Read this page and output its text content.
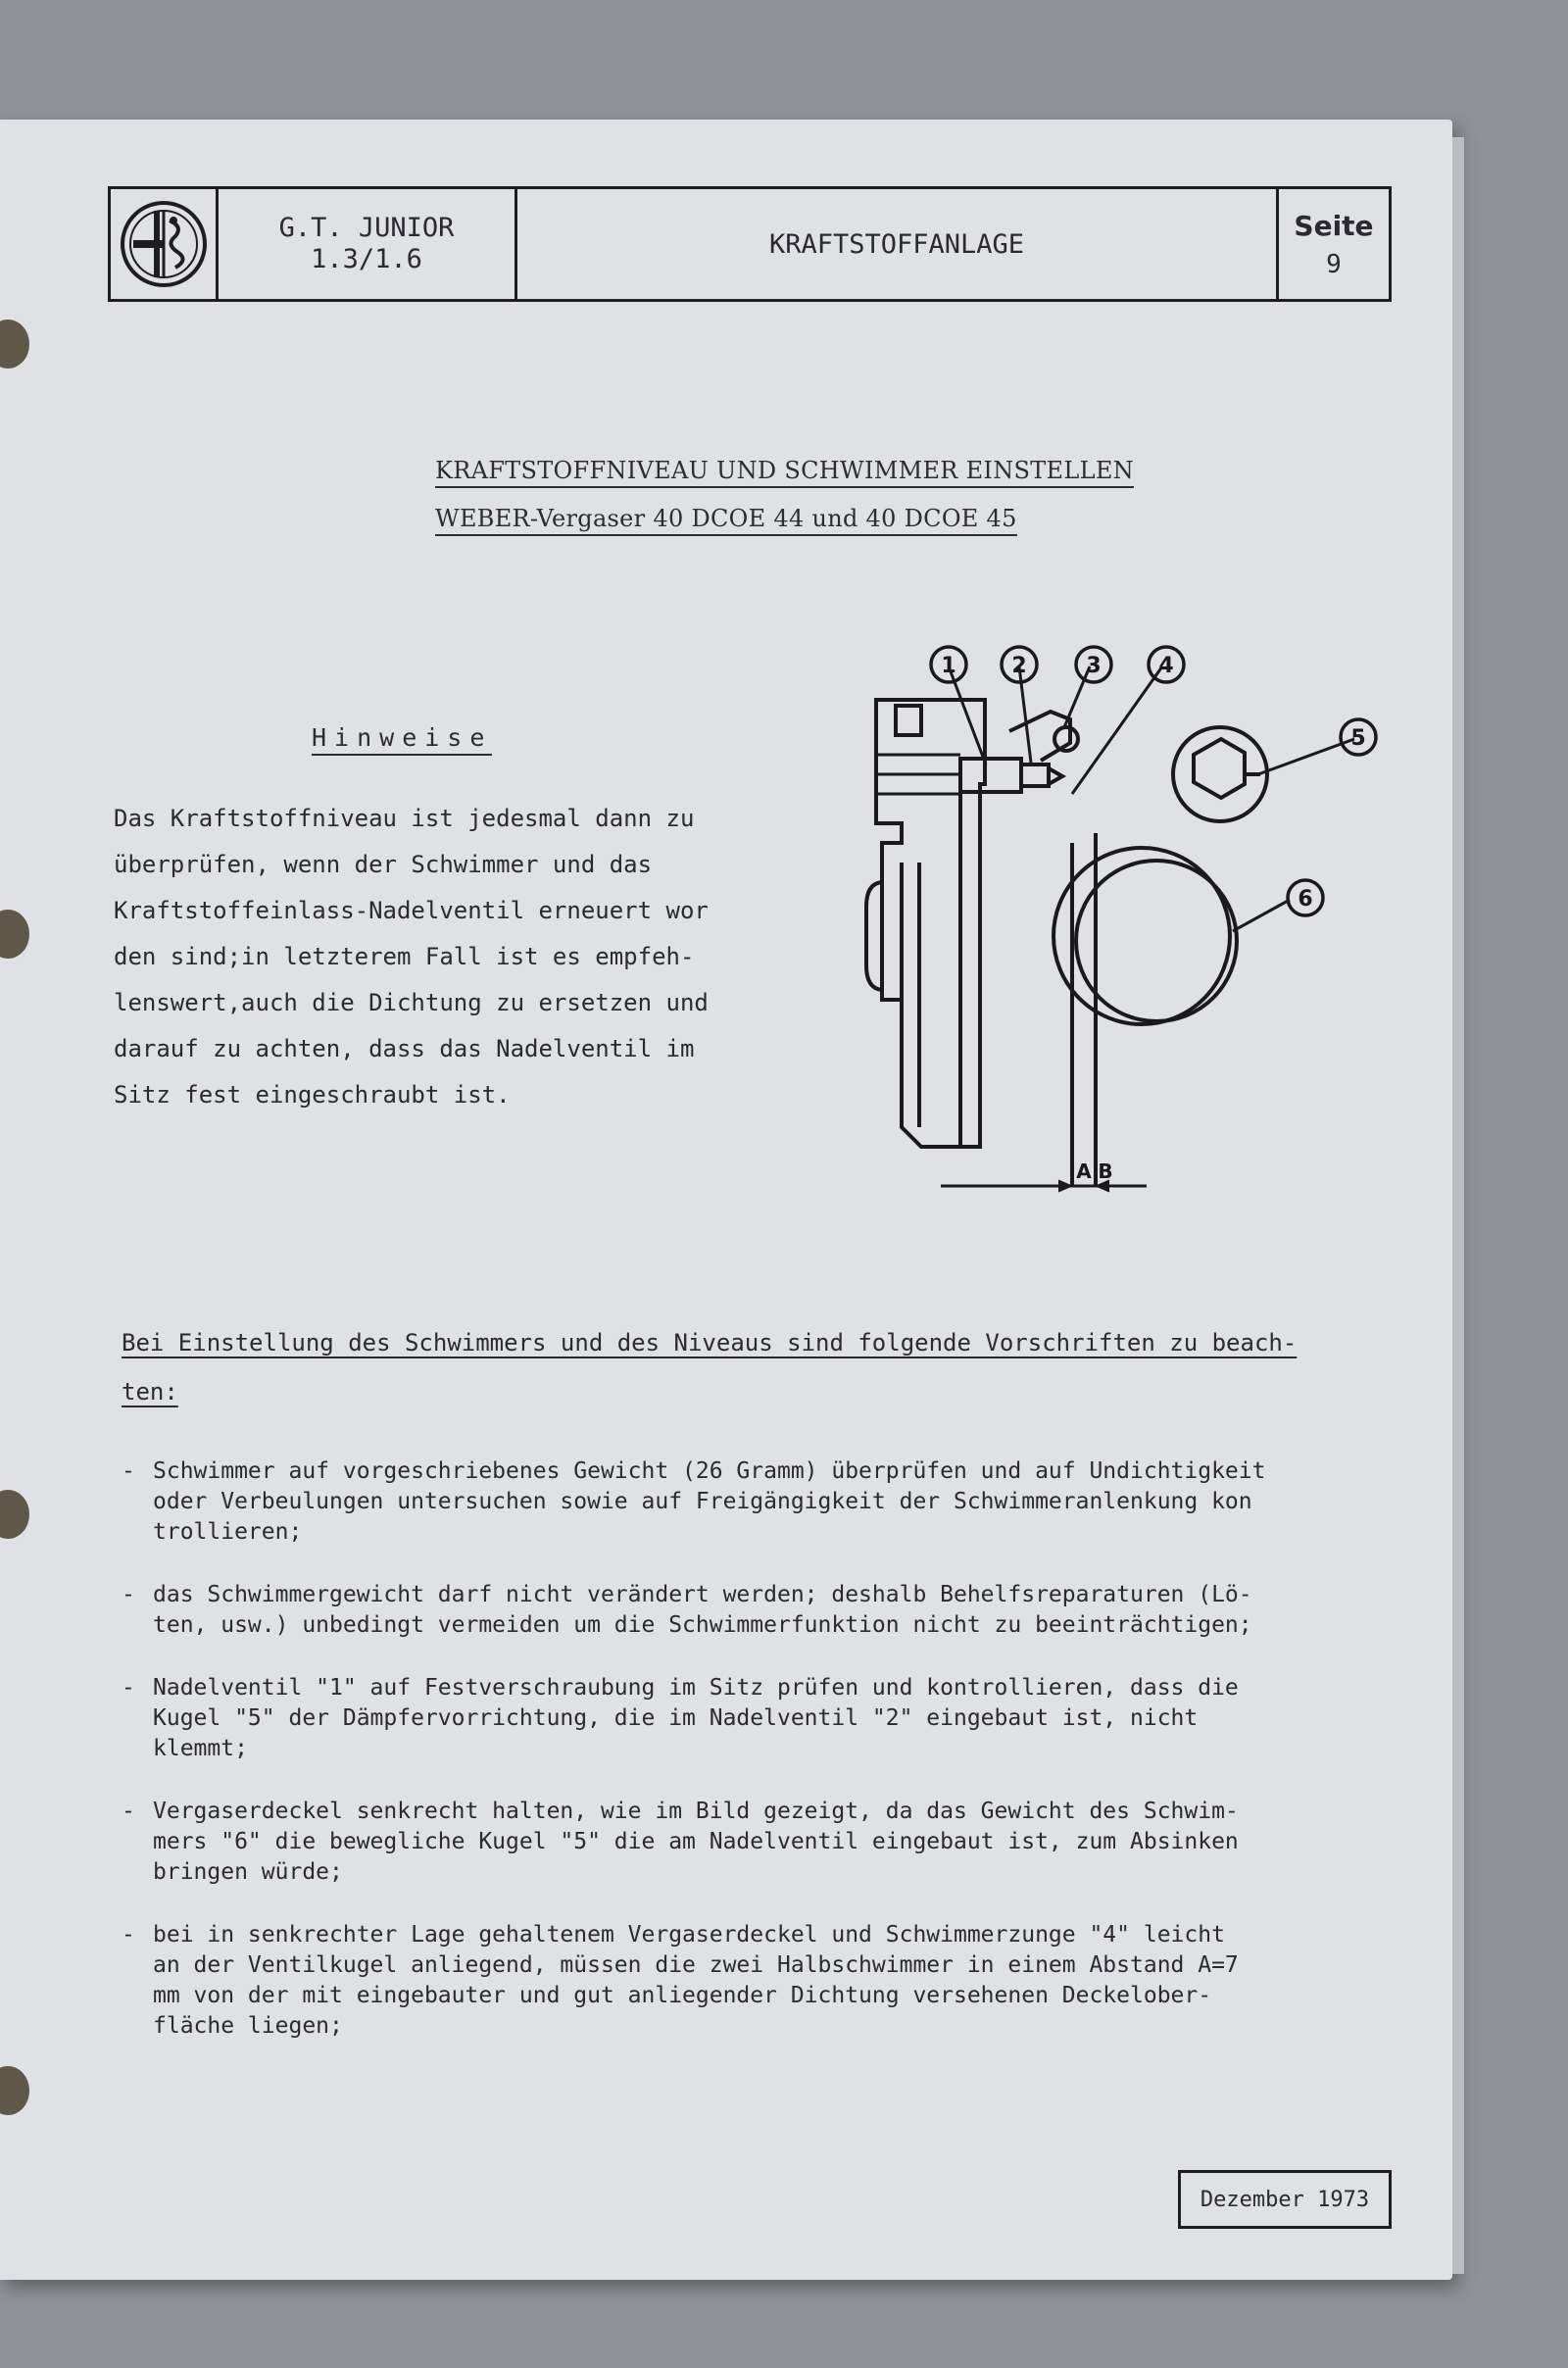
G.T. JUNIOR
1.3/1.6	KRAFTSTOFFANLAGE
Seite
9
KRAFTSTOFFNIVEAU UND SCHWIMMER EINSTELLEN
WEBER-Vergaser 40 DCOE 44 und 40 DCOE 45
Hinweise
Das Kraftstoffniveau ist jedesmal dann zu
überprüfen, wenn der Schwimmer und das
Kraftstoffeinlass-Nadelventil erneuert wor
den sind;in letzterem Fall ist es empfeh-
lenswert,auch die Dichtung zu ersetzen und
darauf zu achten, dass das Nadelventil im
Sitz fest eingeschraubt ist.
1	2	3	4
5
6
A B
Bei Einstellung des Schwimmers und des Niveaus sind folgende Vorschriften zu beach-
ten:
- Schwimmer auf vorgeschriebenes Gewicht (26 Gramm) überprüfen und auf Undichtigkeit
oder Verbeulungen untersuchen sowie auf Freigängigkeit der Schwimmeranlenkung kon
trollieren;
- das Schwimmergewicht darf nicht verändert werden; deshalb Behelfsreparaturen (Lö-
ten, usw.) unbedingt vermeiden um die Schwimmerfunktion nicht zu beeinträchtigen;
- Nadelventil "1" auf Festverschraubung im Sitz prüfen und kontrollieren, dass die
Kugel "5" der Dämpfervorrichtung, die im Nadelventil "2" eingebaut ist, nicht
klemmt;
- Vergaserdeckel senkrecht halten, wie im Bild gezeigt, da das Gewicht des Schwim-
mers "6" die bewegliche Kugel "5" die am Nadelventil eingebaut ist, zum Absinken
bringen würde;
- bei in senkrechter Lage gehaltenem Vergaserdeckel und Schwimmerzunge "4" leicht
an der Ventilkugel anliegend, müssen die zwei Halbschwimmer in einem Abstand A=7
mm von der mit eingebauter und gut anliegender Dichtung versehenen Deckelober-
fläche liegen;
Dezember 1973
